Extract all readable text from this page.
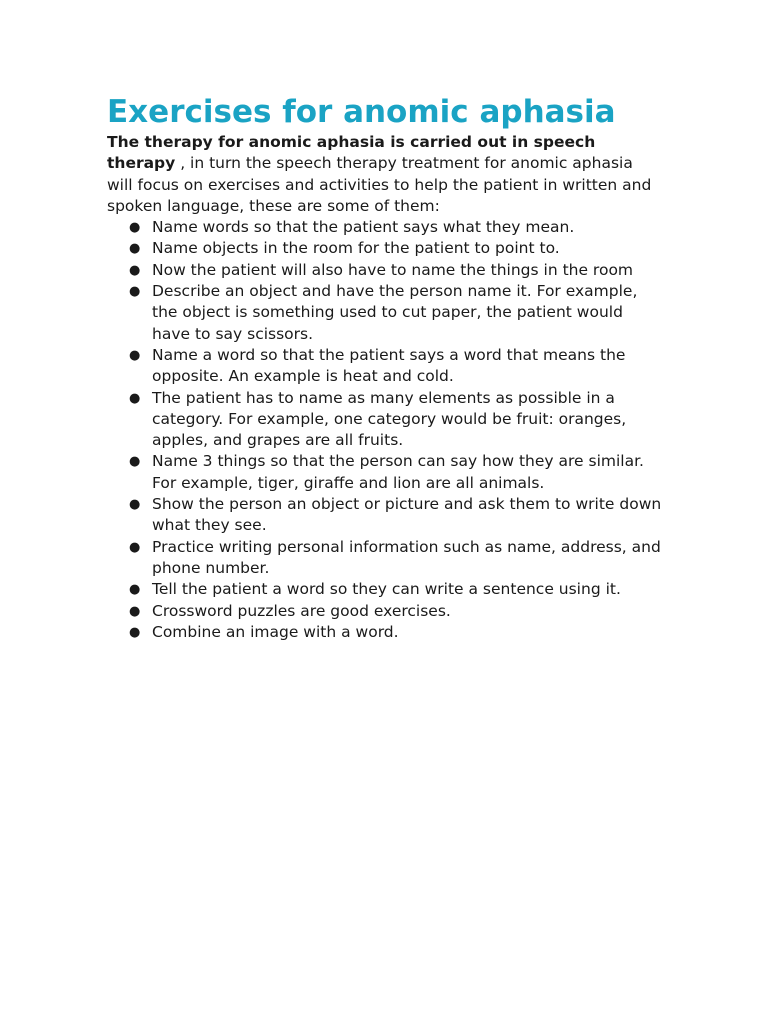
Exercises for anomic aphasia

The therapy for anomic aphasia is carried out in speech therapy , in turn the speech therapy treatment for anomic aphasia will focus on exercises and activities to help the patient in written and spoken language, these are some of them:

● Name words so that the patient says what they mean.
● Name objects in the room for the patient to point to.
● Now the patient will also have to name the things in the room
● Describe an object and have the person name it. For example, the object is something used to cut paper, the patient would have to say scissors.
● Name a word so that the patient says a word that means the opposite. An example is heat and cold.
● The patient has to name as many elements as possible in a category. For example, one category would be fruit: oranges, apples, and grapes are all fruits.
● Name 3 things so that the person can say how they are similar. For example, tiger, giraffe and lion are all animals.
● Show the person an object or picture and ask them to write down what they see.
● Practice writing personal information such as name, address, and phone number.
● Tell the patient a word so they can write a sentence using it.
● Crossword puzzles are good exercises.
● Combine an image with a word.
